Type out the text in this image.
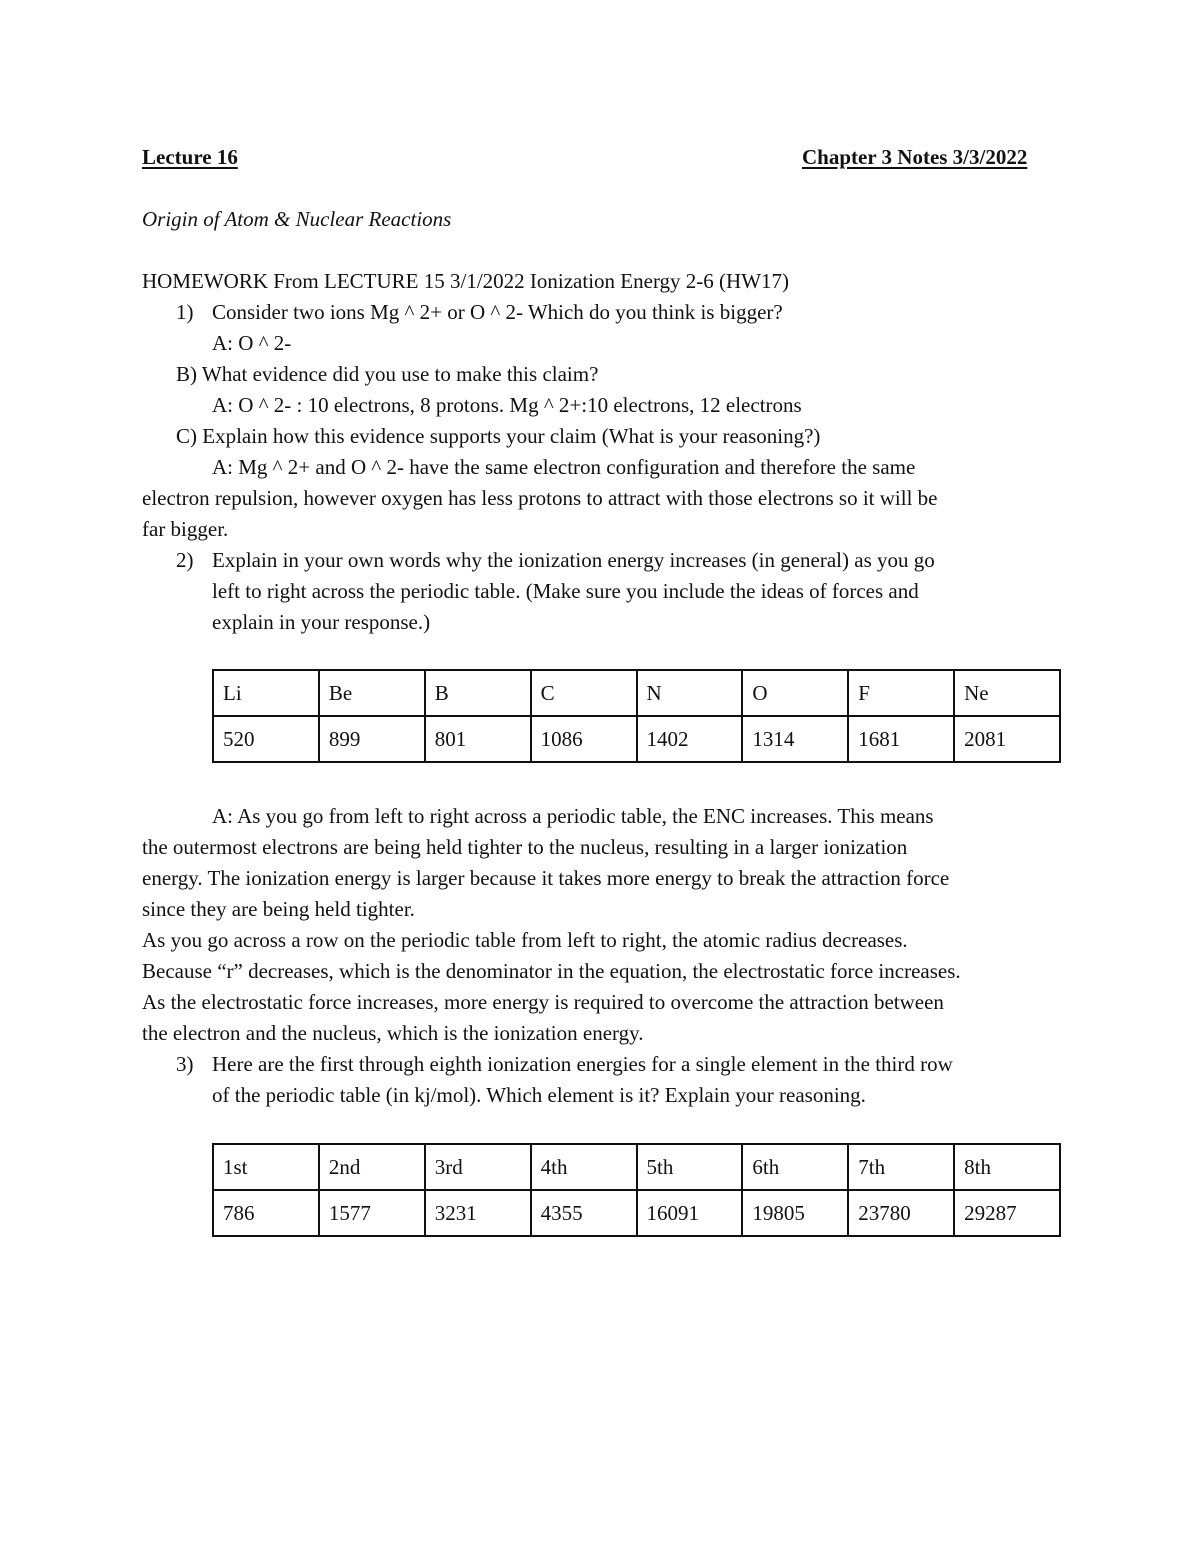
Lecture 16	Chapter 3 Notes 3/3/2022
Origin of Atom & Nuclear Reactions
HOMEWORK From LECTURE 15 3/1/2022 Ionization Energy 2-6 (HW17)
1) Consider two ions Mg ^ 2+ or O ^ 2- Which do you think is bigger?
A: O ^ 2-
B) What evidence did you use to make this claim?
A: O ^ 2- : 10 electrons, 8 protons. Mg ^ 2+:10 electrons, 12 electrons
C) Explain how this evidence supports your claim (What is your reasoning?)
A: Mg ^ 2+ and O ^ 2- have the same electron configuration and therefore the same
electron repulsion, however oxygen has less protons to attract with those electrons so it will be
far bigger.
2) Explain in your own words why the ionization energy increases (in general) as you go
left to right across the periodic table. (Make sure you include the ideas of forces and
explain in your response.)
Li	Be	B	C	N	O	F	Ne
520	899	801	1086	1402	1314	1681	2081
A: As you go from left to right across a periodic table, the ENC increases. This means
the outermost electrons are being held tighter to the nucleus, resulting in a larger ionization
energy. The ionization energy is larger because it takes more energy to break the attraction force
since they are being held tighter.
As you go across a row on the periodic table from left to right, the atomic radius decreases.
Because “r” decreases, which is the denominator in the equation, the electrostatic force increases.
As the electrostatic force increases, more energy is required to overcome the attraction between
the electron and the nucleus, which is the ionization energy.
3) Here are the first through eighth ionization energies for a single element in the third row
of the periodic table (in kj/mol). Which element is it? Explain your reasoning.
1st	2nd	3rd	4th	5th	6th	7th	8th
786	1577	3231	4355	16091	19805	23780	29287
